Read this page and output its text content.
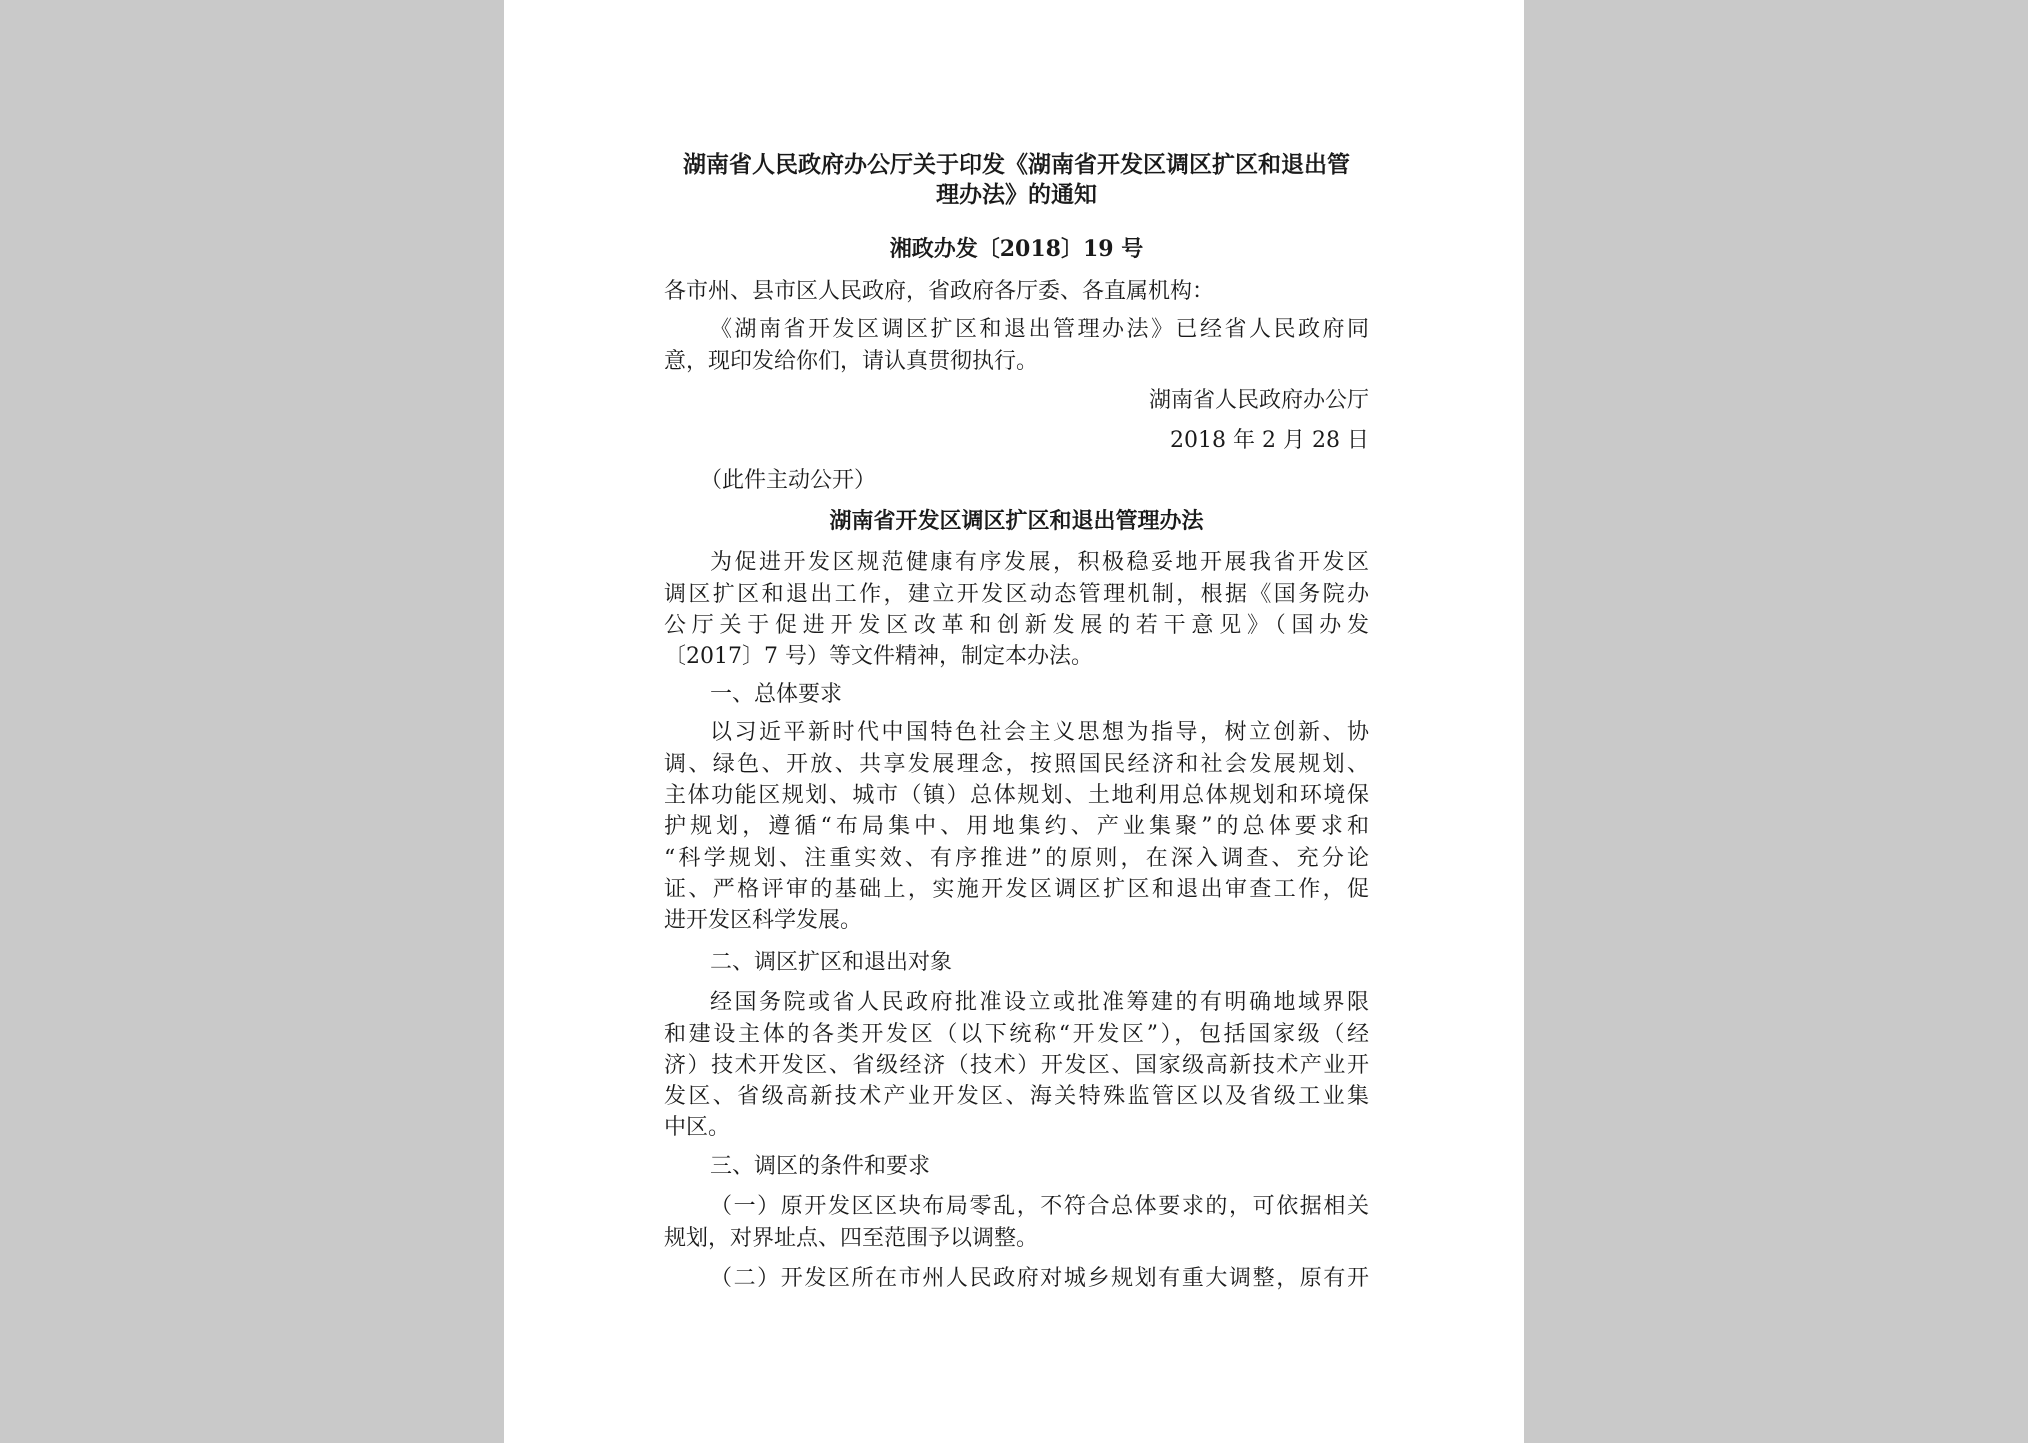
湖南省人民政府办公厅关于印发《湖南省开发区调区扩区和退出管
理办法》的通知
湘政办发〔2018〕19 号
各市州、县市区人民政府，省政府各厅委、各直属机构：
《湖南省开发区调区扩区和退出管理办法》已经省人民政府同
意，现印发给你们，请认真贯彻执行。
湖南省人民政府办公厅
2018 年 2 月 28 日
（此件主动公开）
湖南省开发区调区扩区和退出管理办法
为促进开发区规范健康有序发展，积极稳妥地开展我省开发区
调区扩区和退出工作，建立开发区动态管理机制，根据《国务院办
公厅关于促进开发区改革和创新发展的若干意见》（国办发
〔2017〕7 号）等文件精神，制定本办法。
一、总体要求
以习近平新时代中国特色社会主义思想为指导，树立创新、协
调、绿色、开放、共享发展理念，按照国民经济和社会发展规划、
主体功能区规划、城市（镇）总体规划、土地利用总体规划和环境保
护规划，遵循“布局集中、用地集约、产业集聚”的总体要求和
“科学规划、注重实效、有序推进”的原则，在深入调查、充分论
证、严格评审的基础上，实施开发区调区扩区和退出审查工作，促
进开发区科学发展。
二、调区扩区和退出对象
经国务院或省人民政府批准设立或批准筹建的有明确地域界限
和建设主体的各类开发区（以下统称“开发区”），包括国家级（经
济）技术开发区、省级经济（技术）开发区、国家级高新技术产业开
发区、省级高新技术产业开发区、海关特殊监管区以及省级工业集
中区。
三、调区的条件和要求
（一）原开发区区块布局零乱，不符合总体要求的，可依据相关
规划，对界址点、四至范围予以调整。
（二）开发区所在市州人民政府对城乡规划有重大调整，原有开
